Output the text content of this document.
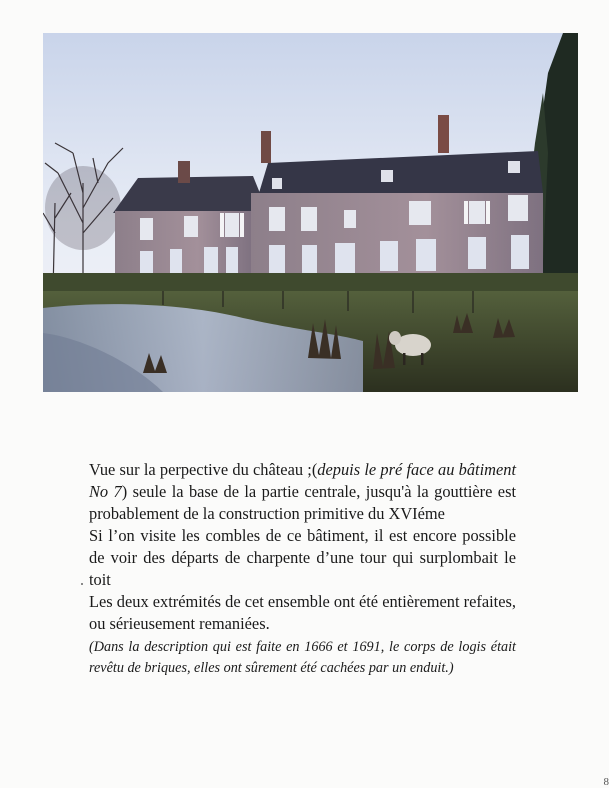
Vue sur la perpective du château ;(depuis le pré face au bâtiment No 7) seule la base de la partie centrale, jusqu'à la gouttière est probablement de la construction primitive du XVIéme

Si l’on visite les combles de ce bâtiment, il est encore possible de voir des départs de charpente d’une tour qui surplombait le toit

Les deux extrémités de cet ensemble ont été entièrement refaites, ou sérieusement remaniées.

(Dans la description qui est faite en 1666 et 1691, le corps de logis était revêtu de briques, elles ont sûrement été cachées par un enduit.)

8
